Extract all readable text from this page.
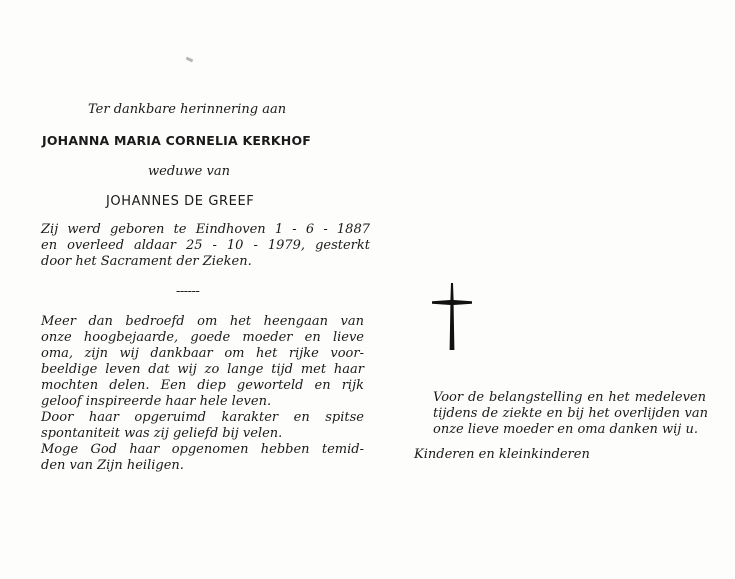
Ter dankbare herinnering aan
JOHANNA MARIA CORNELIA KERKHOF
weduwe van
JOHANNES DE GREEF
Zij werd geboren te Eindhoven 1 - 6 - 1887
en overleed aldaar 25 - 10 - 1979, gesterkt
door het Sacrament der Zieken.
------
Meer dan bedroefd om het heengaan van
onze hoogbejaarde, goede moeder en lieve
oma, zijn wij dankbaar om het rijke voor-
beeldige leven dat wij zo lange tijd met haar
mochten delen. Een diep geworteld en rijk
geloof inspireerde haar hele leven.
Door haar opgeruimd karakter en spitse
spontaniteit was zij geliefd bij velen.
Moge God haar opgenomen hebben temid-
den van Zijn heiligen.
Voor de belangstelling en het medeleven
tijdens de ziekte en bij het overlijden van
onze lieve moeder en oma danken wij u.
Kinderen en kleinkinderen
